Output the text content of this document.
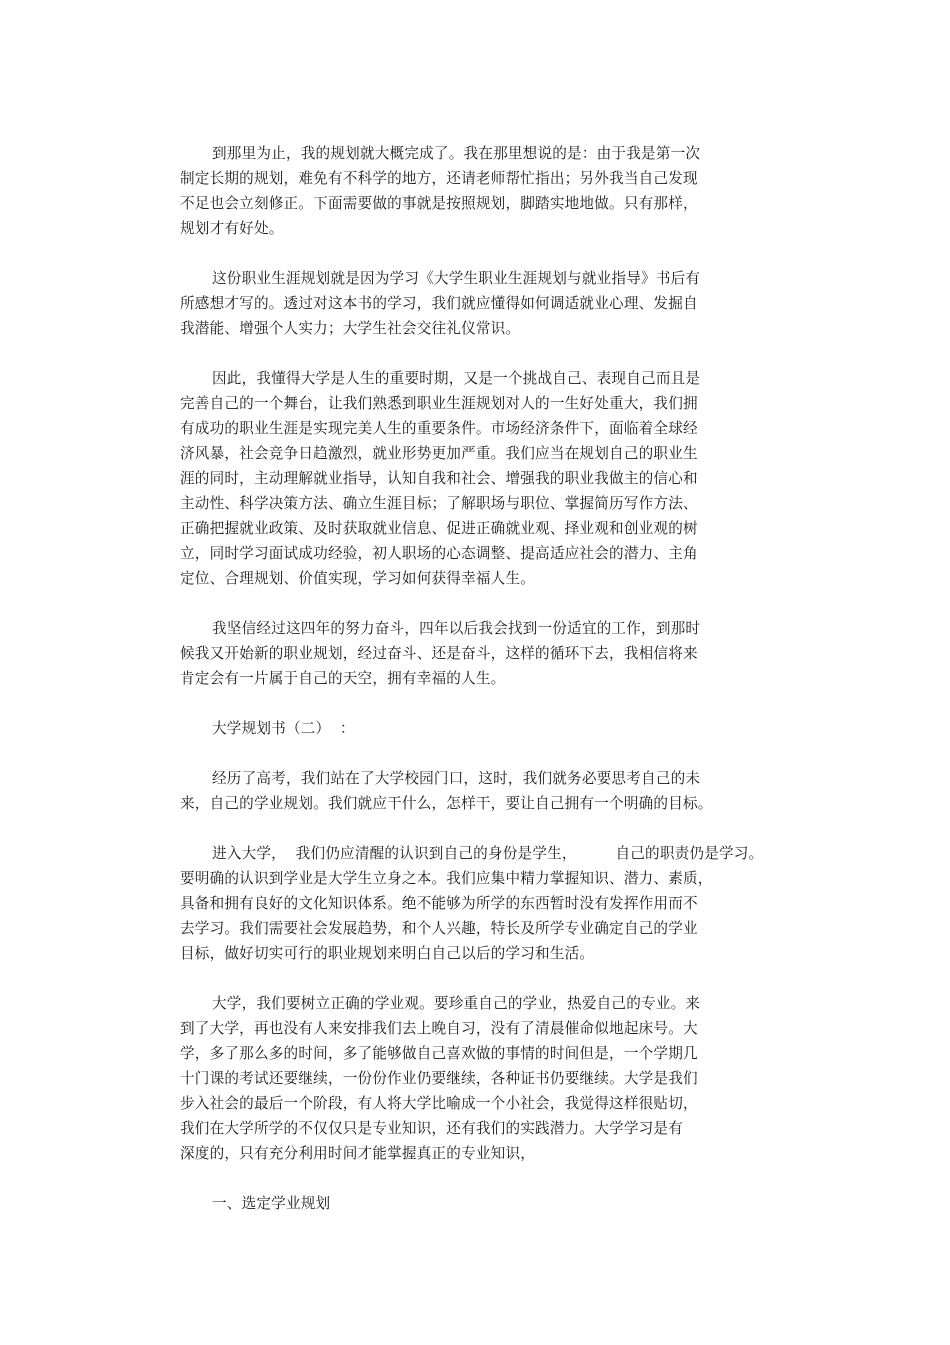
到那里为止，我的规划就大概完成了。我在那里想说的是：由于我是第一次
制定长期的规划，难免有不科学的地方，还请老师帮忙指出；另外我当自己发现
不足也会立刻修正。下面需要做的事就是按照规划，脚踏实地地做。只有那样，
规划才有好处。
这份职业生涯规划就是因为学习《大学生职业生涯规划与就业指导》书后有
所感想才写的。透过对这本书的学习，我们就应懂得如何调适就业心理、发掘自
我潜能、增强个人实力；大学生社会交往礼仪常识。
因此，我懂得大学是人生的重要时期，又是一个挑战自己、表现自己而且是
完善自己的一个舞台，让我们熟悉到职业生涯规划对人的一生好处重大，我们拥
有成功的职业生涯是实现完美人生的重要条件。市场经济条件下，面临着全球经
济风暴，社会竞争日趋激烈，就业形势更加严重。我们应当在规划自己的职业生
涯的同时，主动理解就业指导，认知自我和社会、增强我的职业我做主的信心和
主动性、科学决策方法、确立生涯目标；了解职场与职位、掌握简历写作方法、
正确把握就业政策、及时获取就业信息、促进正确就业观、择业观和创业观的树
立，同时学习面试成功经验，初人职场的心态调整、提高适应社会的潜力、主角
定位、合理规划、价值实现，学习如何获得幸福人生。
我坚信经过这四年的努力奋斗，四年以后我会找到一份适宜的工作，到那时
候我又开始新的职业规划，经过奋斗、还是奋斗，这样的循环下去，我相信将来
肯定会有一片属于自己的天空，拥有幸福的人生。
大学规划书（二）  ：
经历了高考，我们站在了大学校园门口，这时，我们就务必要思考自己的未
来，自己的学业规划。我们就应干什么，怎样干，要让自己拥有一个明确的目标。
进入大学，  我们仍应清醒的认识到自己的身份是学生，        自己的职责仍是学习。
要明确的认识到学业是大学生立身之本。我们应集中精力掌握知识、潜力、素质，
具备和拥有良好的文化知识体系。绝不能够为所学的东西暂时没有发挥作用而不
去学习。我们需要社会发展趋势，和个人兴趣，特长及所学专业确定自己的学业
目标，做好切实可行的职业规划来明白自己以后的学习和生活。
大学，我们要树立正确的学业观。要珍重自己的学业，热爱自己的专业。来
到了大学，再也没有人来安排我们去上晚自习，没有了清晨催命似地起床号。大
学，多了那么多的时间，多了能够做自己喜欢做的事情的时间但是，一个学期几
十门课的考试还要继续，一份份作业仍要继续，各种证书仍要继续。大学是我们
步入社会的最后一个阶段，有人将大学比喻成一个小社会，我觉得这样很贴切，
我们在大学所学的不仅仅只是专业知识，还有我们的实践潜力。大学学习是有
深度的，只有充分利用时间才能掌握真正的专业知识，
一、选定学业规划
